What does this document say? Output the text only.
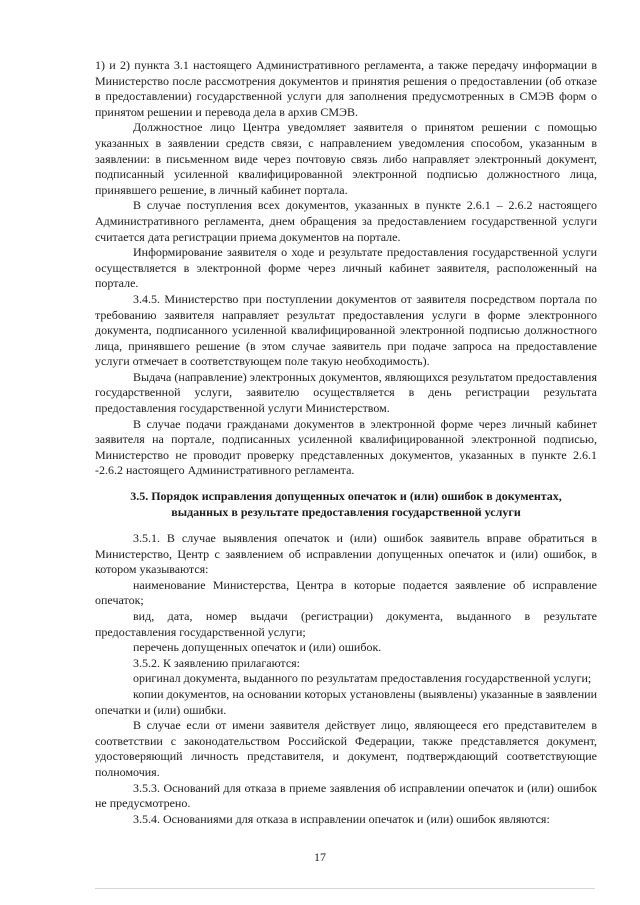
1) и 2) пункта 3.1 настоящего Административного регламента, а также передачу информации в Министерство после рассмотрения документов и принятия решения о предоставлении (об отказе в предоставлении) государственной услуги для заполнения предусмотренных в СМЭВ форм о принятом решении и перевода дела в архив СМЭВ.

Должностное лицо Центра уведомляет заявителя о принятом решении с помощью указанных в заявлении средств связи, с направлением уведомления способом, указанным в заявлении: в письменном виде через почтовую связь либо направляет электронный документ, подписанный усиленной квалифицированной электронной подписью должностного лица, принявшего решение, в личный кабинет портала.

В случае поступления всех документов, указанных в пункте 2.6.1 – 2.6.2 настоящего Административного регламента, днем обращения за предоставлением государственной услуги считается дата регистрации приема документов на портале.

Информирование заявителя о ходе и результате предоставления государственной услуги осуществляется в электронной форме через личный кабинет заявителя, расположенный на портале.

3.4.5. Министерство при поступлении документов от заявителя посредством портала по требованию заявителя направляет результат предоставления услуги в форме электронного документа, подписанного усиленной квалифицированной электронной подписью должностного лица, принявшего решение (в этом случае заявитель при подаче запроса на предоставление услуги отмечает в соответствующем поле такую необходимость).

Выдача (направление) электронных документов, являющихся результатом предоставления государственной услуги, заявителю осуществляется в день регистрации результата предоставления государственной услуги Министерством.

В случае подачи гражданами документов в электронной форме через личный кабинет заявителя на портале, подписанных усиленной квалифицированной электронной подписью, Министерство не проводит проверку представленных документов, указанных в пункте 2.6.1 -2.6.2 настоящего Административного регламента.

3.5. Порядок исправления допущенных опечаток и (или) ошибок в документах, выданных в результате предоставления государственной услуги

3.5.1. В случае выявления опечаток и (или) ошибок заявитель вправе обратиться в Министерство, Центр с заявлением об исправлении допущенных опечаток и (или) ошибок, в котором указываются:

наименование Министерства, Центра в которые подается заявление об исправление опечаток;

вид, дата, номер выдачи (регистрации) документа, выданного в результате предоставления государственной услуги;

перечень допущенных опечаток и (или) ошибок.

3.5.2. К заявлению прилагаются:

оригинал документа, выданного по результатам предоставления государственной услуги;

копии документов, на основании которых установлены (выявлены) указанные в заявлении опечатки и (или) ошибки.

В случае если от имени заявителя действует лицо, являющееся его представителем в соответствии с законодательством Российской Федерации, также представляется документ, удостоверяющий личность представителя, и документ, подтверждающий соответствующие полномочия.

3.5.3. Оснований для отказа в приеме заявления об исправлении опечаток и (или) ошибок не предусмотрено.

3.5.4. Основаниями для отказа в исправлении опечаток и (или) ошибок являются:

17
